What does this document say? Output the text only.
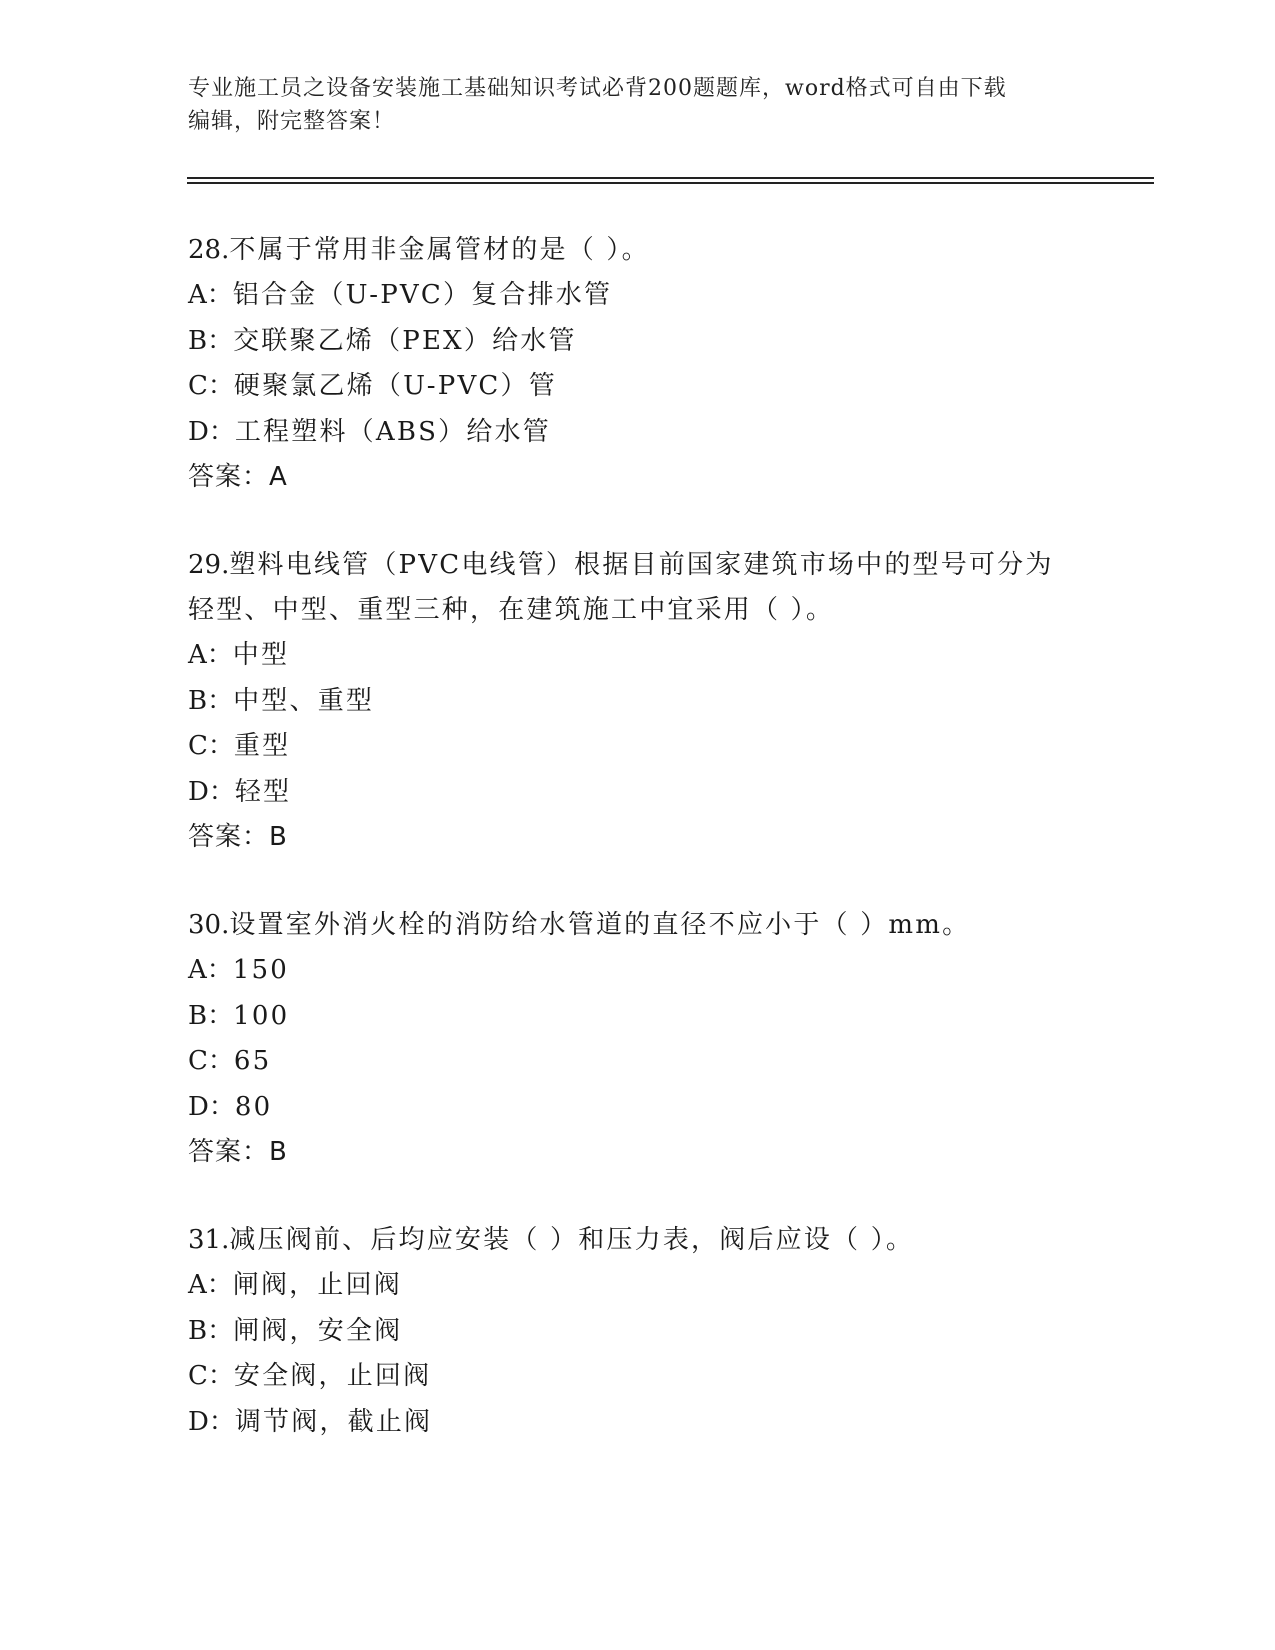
专业施工员之设备安装施工基础知识考试必背200题题库，word格式可自由下载
编辑，附完整答案！
28.不属于常用非金属管材的是（ ）。
A：铝合金（U-PVC）复合排水管
B：交联聚乙烯（PEX）给水管
C：硬聚氯乙烯（U-PVC）管
D：工程塑料（ABS）给水管
答案：A
29.塑料电线管（PVC电线管）根据目前国家建筑市场中的型号可分为
轻型、中型、重型三种，在建筑施工中宜采用（ ）。
A：中型
B：中型、重型
C：重型
D：轻型
答案：B
30.设置室外消火栓的消防给水管道的直径不应小于（ ）mm。
A：150
B：100
C：65
D：80
答案：B
31.减压阀前、后均应安装（ ）和压力表，阀后应设（ ）。
A：闸阀，止回阀
B：闸阀，安全阀
C：安全阀，止回阀
D：调节阀，截止阀
